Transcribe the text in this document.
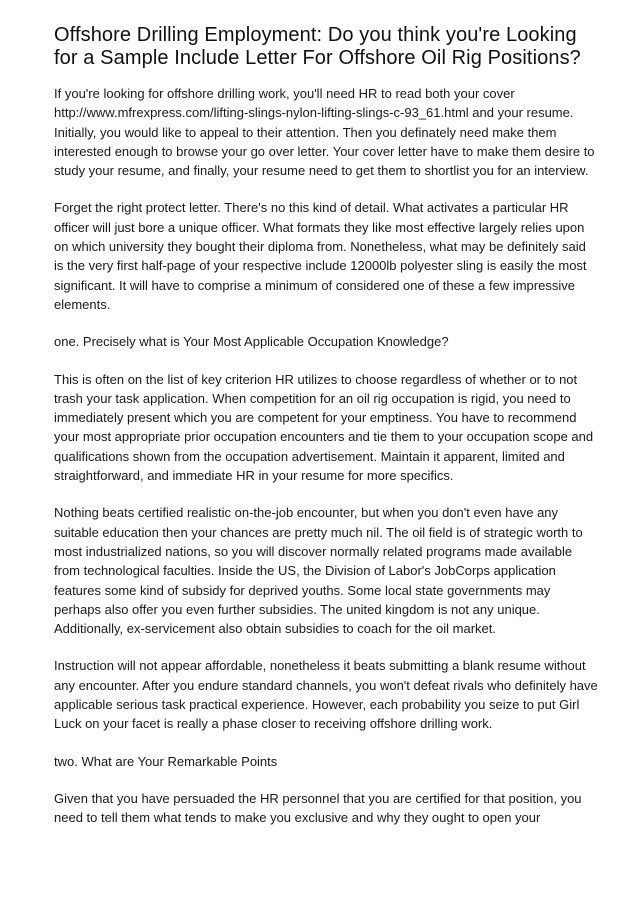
Offshore Drilling Employment: Do you think you're Looking for a Sample Include Letter For Offshore Oil Rig Positions?

If you're looking for offshore drilling work, you'll need HR to read both your cover http://www.mfrexpress.com/lifting-slings-nylon-lifting-slings-c-93_61.html and your resume. Initially, you would like to appeal to their attention. Then you definately need make them interested enough to browse your go over letter. Your cover letter have to make them desire to study your resume, and finally, your resume need to get them to shortlist you for an interview.

Forget the right protect letter. There's no this kind of detail. What activates a particular HR officer will just bore a unique officer. What formats they like most effective largely relies upon on which university they bought their diploma from. Nonetheless, what may be definitely said is the very first half-page of your respective include 12000lb polyester sling is easily the most significant. It will have to comprise a minimum of considered one of these a few impressive elements.

one. Precisely what is Your Most Applicable Occupation Knowledge?

This is often on the list of key criterion HR utilizes to choose regardless of whether or to not trash your task application. When competition for an oil rig occupation is rigid, you need to immediately present which you are competent for your emptiness. You have to recommend your most appropriate prior occupation encounters and tie them to your occupation scope and qualifications shown from the occupation advertisement. Maintain it apparent, limited and straightforward, and immediate HR in your resume for more specifics.

Nothing beats certified realistic on-the-job encounter, but when you don't even have any suitable education then your chances are pretty much nil. The oil field is of strategic worth to most industrialized nations, so you will discover normally related programs made available from technological faculties. Inside the US, the Division of Labor's JobCorps application features some kind of subsidy for deprived youths. Some local state governments may perhaps also offer you even further subsidies. The united kingdom is not any unique. Additionally, ex-servicement also obtain subsidies to coach for the oil market.

Instruction will not appear affordable, nonetheless it beats submitting a blank resume without any encounter. After you endure standard channels, you won't defeat rivals who definitely have applicable serious task practical experience. However, each probability you seize to put Girl Luck on your facet is really a phase closer to receiving offshore drilling work.

two. What are Your Remarkable Points

Given that you have persuaded the HR personnel that you are certified for that position, you need to tell them what tends to make you exclusive and why they ought to open your
